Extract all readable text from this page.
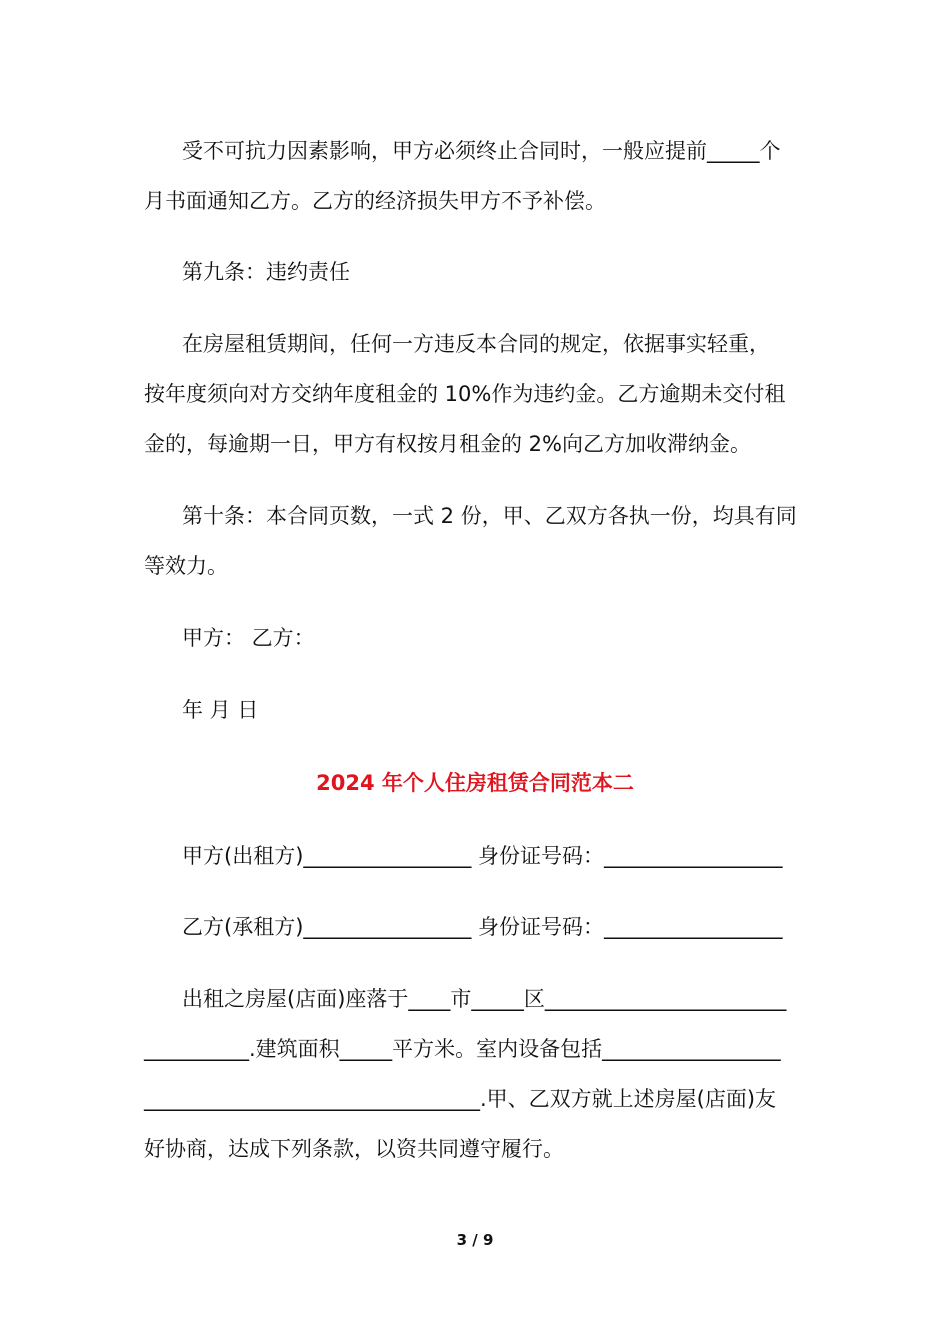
受不可抗力因素影响，甲方必须终止合同时，一般应提前_____个
月书面通知乙方。乙方的经济损失甲方不予补偿。
第九条：违约责任
在房屋租赁期间，任何一方违反本合同的规定，依据事实轻重，
按年度须向对方交纳年度租金的 10%作为违约金。乙方逾期未交付租
金的，每逾期一日，甲方有权按月租金的 2%向乙方加收滞纳金。
第十条：本合同页数，一式 2 份，甲、乙双方各执一份，均具有同
等效力。
甲方： 乙方：
年 月 日
2024 年个人住房租赁合同范本二
甲方(出租方)________________ 身份证号码：_________________
乙方(承租方)________________ 身份证号码：_________________
出租之房屋(店面)座落于____市_____区_______________________
__________.建筑面积_____平方米。室内设备包括_________________
________________________________.甲、乙双方就上述房屋(店面)友
好协商，达成下列条款，以资共同遵守履行。
3 / 9
